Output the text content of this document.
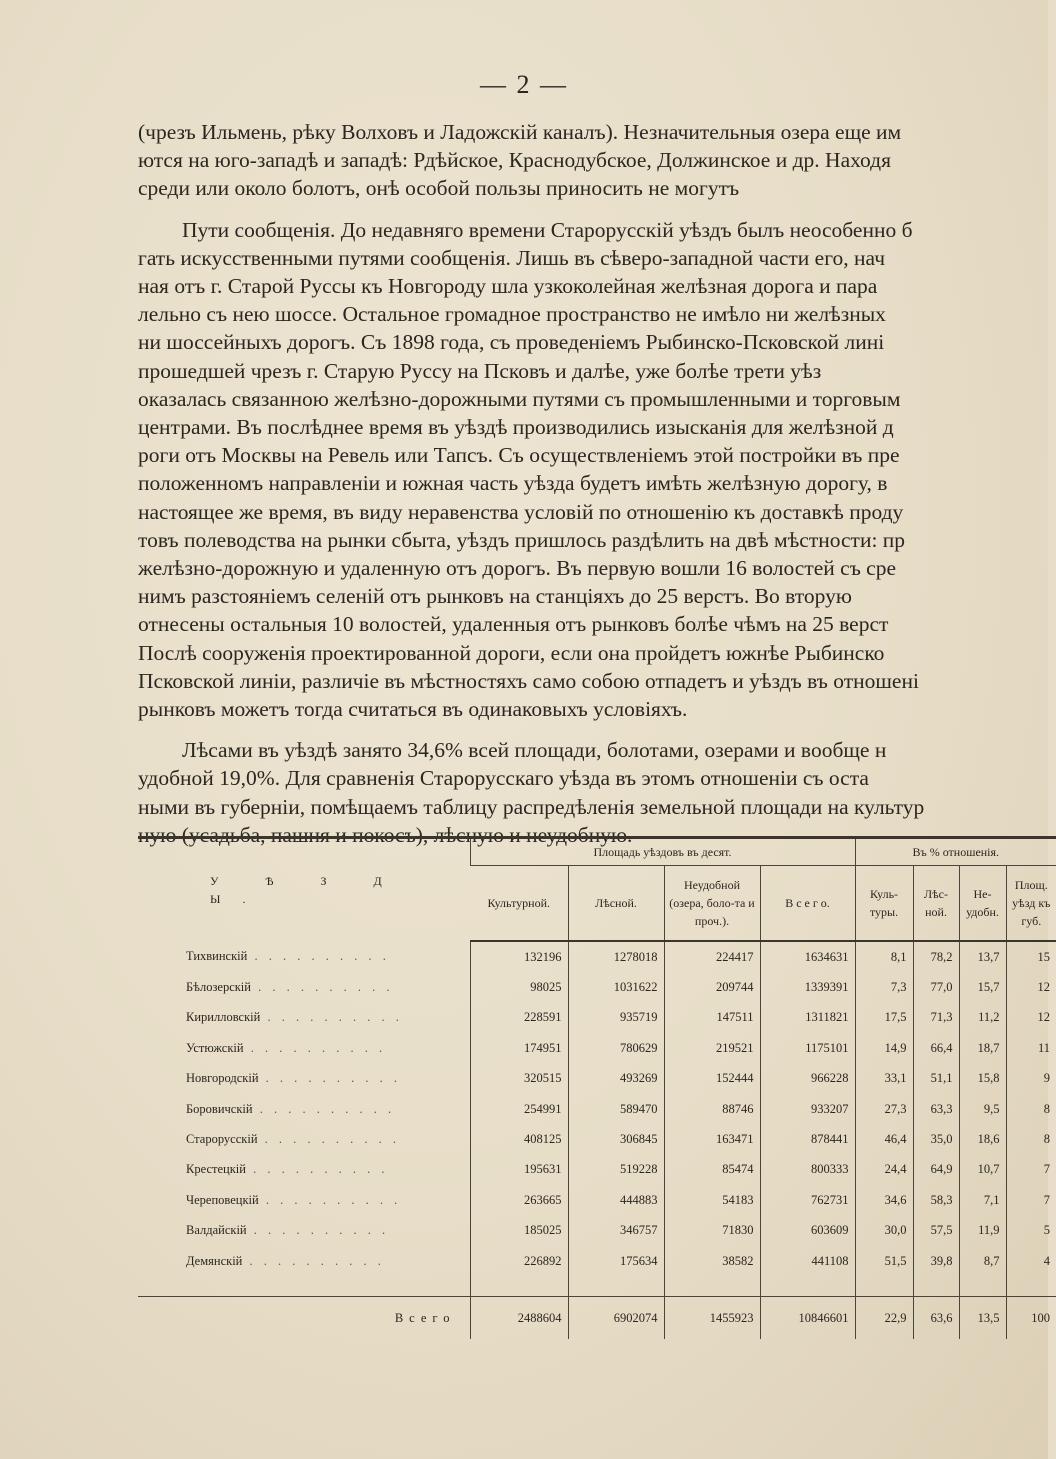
— 2 —
(чрезъ Ильмень, рѣку Волховъ и Ладожскій каналъ). Незначительныя озера еще им
ются на юго-западѣ и западѣ: Рдѣйское, Краснодубское, Должинское и др. Находя
среди или около болотъ, онѣ особой пользы приносить не могутъ
Пути сообщенія. До недавняго времени Старорусскій уѣздъ былъ неособенно б
гать искусственными путями сообщенія. Лишь въ сѣверо-западной части его, нач
ная отъ г. Старой Руссы къ Новгороду шла узкоколейная желѣзная дорога и пара
лельно съ нею шоссе. Остальное громадное пространство не имѣло ни желѣзных
ни шоссейныхъ дорогъ. Съ 1898 года, съ проведеніемъ Рыбинско-Псковской лині
прошедшей чрезъ г. Старую Руссу на Псковъ и далѣе, уже болѣе трети уѣз
оказалась связанною желѣзно-дорожными путями съ промышленными и торговым
центрами. Въ послѣднее время въ уѣздѣ производились изысканія для желѣзной д
роги отъ Москвы на Ревель или Тапсъ. Съ осуществленіемъ этой постройки въ пре
положенномъ направленіи и южная часть уѣзда будетъ имѣть желѣзную дорогу, в
настоящее же время, въ виду неравенства условій по отношенію къ доставкѣ проду
товъ полеводства на рынки сбыта, уѣздъ пришлось раздѣлить на двѣ мѣстности: пр
желѣзно-дорожную и удаленную отъ дорогъ. Въ первую вошли 16 волостей съ сре
нимъ разстояніемъ селеній отъ рынковъ на станціяхъ до 25 верстъ. Во вторую
отнесены остальныя 10 волостей, удаленныя отъ рынковъ болѣе чѣмъ на 25 верст
Послѣ сооруженія проектированной дороги, если она пройдетъ южнѣе Рыбинско
Псковской линіи, различіе въ мѣстностяхъ само собою отпадетъ и уѣздъ въ отношені
рынковъ можетъ тогда считаться въ одинаковыхъ условіяхъ.
Лѣсами въ уѣздѣ занято 34,6% всей площади, болотами, озерами и вообще н
удобной 19,0%. Для сравненія Старорусскаго уѣзда въ этомъ отношеніи съ оста
ными въ губерніи, помѣщаемъ таблицу распредѣленія земельной площади на культур
ную (усадьба, пашня и покосъ), лѣсную и неудобную.
У Ѣ З Д Ы.	Площадь уѣздовъ въ десят.				Въ % отношенія.			
	Культурной.	Лѣсной.	Неудобной (озера, боло-та и проч.).	В с е г о.	Куль-туры.	Лѣс-ной.	Не-удобн.	Площ. уѣзд къ губ.
Тихвинскій . . . . . . . . . .	132196	1278018	224417	1634631	8,1	78,2	13,7	15
Бѣлозерскій . . . . . . . . . .	98025	1031622	209744	1339391	7,3	77,0	15,7	12
Кирилловскій . . . . . . . . . .	228591	935719	147511	1311821	17,5	71,3	11,2	12
Устюжскій . . . . . . . . . .	174951	780629	219521	1175101	14,9	66,4	18,7	11
Новгородскій . . . . . . . . . .	320515	493269	152444	966228	33,1	51,1	15,8	9
Боровичскій . . . . . . . . . .	254991	589470	88746	933207	27,3	63,3	9,5	8
Старорусскій . . . . . . . . . .	408125	306845	163471	878441	46,4	35,0	18,6	8
Крестецкій . . . . . . . . . .	195631	519228	85474	800333	24,4	64,9	10,7	7
Череповецкій . . . . . . . . . .	263665	444883	54183	762731	34,6	58,3	7,1	7
Валдайскій . . . . . . . . . .	185025	346757	71830	603609	30,0	57,5	11,9	5
Демянскій . . . . . . . . . .	226892	175634	38582	441108	51,5	39,8	8,7	4

Всего	2488604	6902074	1455923	10846601	22,9	63,6	13,5	100
